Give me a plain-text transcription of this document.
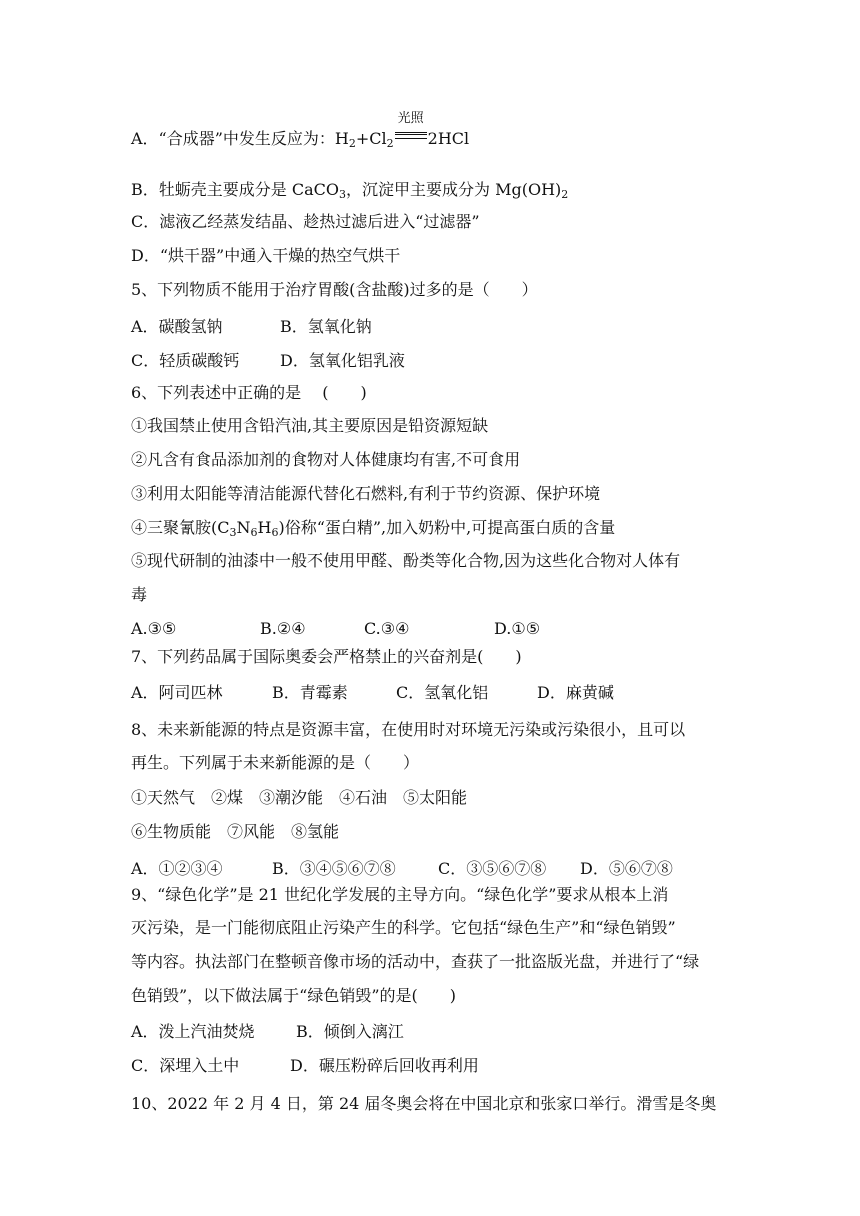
A．“合成器”中发生反应为：$H_2+Cl_2$
光照
2HCl
B．牡蛎壳主要成分是 CaCO$_3$，沉淀甲主要成分为 $Mg(OH)_2$
C．滤液乙经蒸发结晶、趁热过滤后进入“过滤器”
D．“烘干器”中通入干燥的热空气烘干
5、下列物质不能用于治疗胃酸(含盐酸)过多的是（　　）
A．碳酸氢钠	B．氢氧化钠
C．轻质碳酸钙	D．氢氧化铝乳液
6、下列表述中正确的是　 (　　)
①我国禁止使用含铅汽油,其主要原因是铅资源短缺
②凡含有食品添加剂的食物对人体健康均有害,不可食用
③利用太阳能等清洁能源代替化石燃料,有利于节约资源、保护环境
④三聚氰胺$(C_3N_6H_6)$俗称“蛋白精”,加入奶粉中,可提高蛋白质的含量
⑤现代研制的油漆中一般不使用甲醛、酚类等化合物,因为这些化合物对人体有
毒
A.③⑤	B.②④	C.③④	D.①⑤
7、下列药品属于国际奥委会严格禁止的兴奋剂是(　　)
A．阿司匹林	B．青霉素	C．氢氧化铝	D．麻黄碱
8、未来新能源的特点是资源丰富，在使用时对环境无污染或污染很小，且可以
再生。下列属于未来新能源的是（　　）
①天然气　②煤　③潮汐能　④石油　⑤太阳能
⑥生物质能　⑦风能　⑧氢能
A．①②③④	B．③④⑤⑥⑦⑧	C．③⑤⑥⑦⑧ D．⑤⑥⑦⑧
9、“绿色化学”是 21 世纪化学发展的主导方向。“绿色化学”要求从根本上消
灭污染，是一门能彻底阻止污染产生的科学。它包括“绿色生产”和“绿色销毁”
等内容。执法部门在整顿音像市场的活动中，查获了一批盗版光盘，并进行了“绿
色销毁”，以下做法属于“绿色销毁”的是(　　)
A．泼上汽油焚烧	B．倾倒入漓江
C．深埋入土中	D．碾压粉碎后回收再利用
10、2022 年 2 月 4 日，第 24 届冬奥会将在中国北京和张家口举行。滑雪是冬奥
